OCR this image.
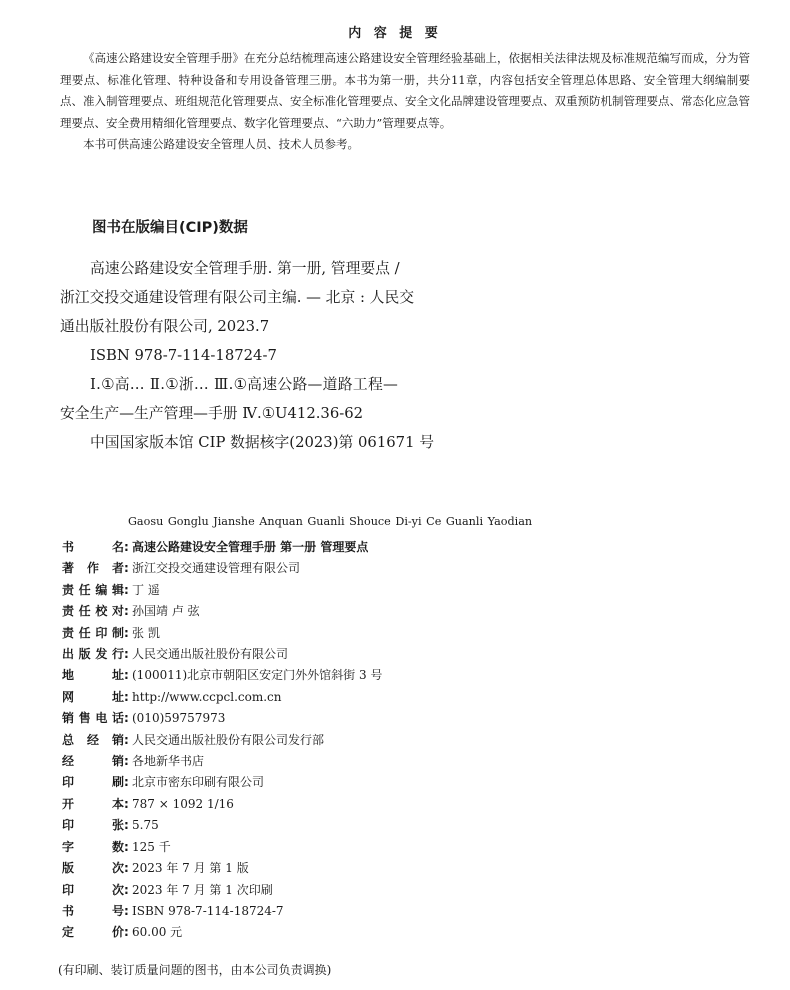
内 容 提 要

《高速公路建设安全管理手册》在充分总结梳理高速公路建设安全管理经验基础上，依据相关法律法规及标准规范编写而成，分为管理要点、标准化管理、特种设备和专用设备管理三册。本书为第一册，共分11章，内容包括安全管理总体思路、安全管理大纲编制要点、准入制管理要点、班组规范化管理要点、安全标准化管理要点、安全文化品牌建设管理要点、双重预防机制管理要点、常态化应急管理要点、安全费用精细化管理要点、数字化管理要点、“六助力”管理要点等。

本书可供高速公路建设安全管理人员、技术人员参考。

图书在版编目(CIP)数据
高速公路建设安全管理手册. 第一册, 管理要点 /
浙江交投交通建设管理有限公司主编. — 北京 : 人民交
通出版社股份有限公司, 2023.7
ISBN 978-7-114-18724-7
Ⅰ.①高… Ⅱ.①浙… Ⅲ.①高速公路—道路工程—
安全生产—生产管理—手册 Ⅳ.①U412.36-62
中国国家版本馆 CIP 数据核字(2023)第 061671 号
Gaosu Gonglu Jianshe Anquan Guanli Shouce Di-yi Ce Guanli Yaodian
书 名 : 高速公路建设安全管理手册 第一册 管理要点
著 作 者 : 浙江交投交通建设管理有限公司
责任编辑 : 丁 遥
责任校对 : 孙国靖 卢 弦
责任印制 : 张 凯
出版发行 : 人民交通出版社股份有限公司
地 址 : (100011)北京市朝阳区安定门外外馆斜街 3 号
网 址 : http://www.ccpcl.com.cn
销售电话 : (010)59757973
总 经 销 : 人民交通出版社股份有限公司发行部
经 销 : 各地新华书店
印 刷 : 北京市密东印刷有限公司
开 本 : 787 × 1092 1/16
印 张 : 5.75
字 数 : 125 千
版 次 : 2023 年 7 月 第 1 版
印 次 : 2023 年 7 月 第 1 次印刷
书 号 : ISBN 978-7-114-18724-7
定 价 : 60.00 元
(有印刷、装订质量问题的图书，由本公司负责调换)
